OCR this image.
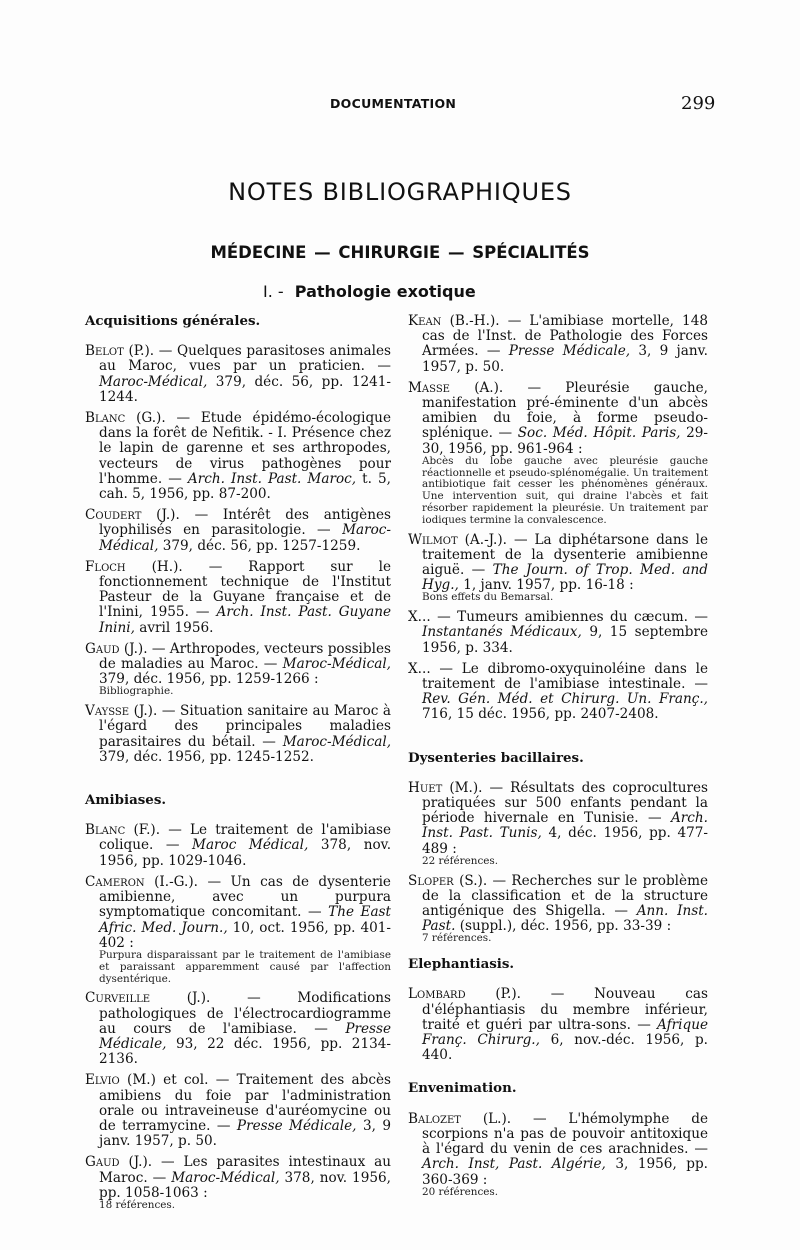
DOCUMENTATION	299
NOTES BIBLIOGRAPHIQUES
MÉDECINE — CHIRURGIE — SPÉCIALITÉS
I. - Pathologie exotique
Acquisitions générales.
Belot (P.). — Quelques parasitoses animales au Maroc, vues par un praticien. — Maroc-Médical, 379, déc. 56, pp. 1241-1244.
Blanc (G.). — Etude épidémo-écologique dans la forêt de Nefitik. - I. Présence chez le lapin de garenne et ses arthropodes, vecteurs de virus pathogènes pour l'homme. — Arch. Inst. Past. Maroc, t. 5, cah. 5, 1956, pp. 87-200.
Coudert (J.). — Intérêt des antigènes lyophilisés en parasitologie. — Maroc-Médical, 379, déc. 56, pp. 1257-1259.
Floch (H.). — Rapport sur le fonctionnement technique de l'Institut Pasteur de la Guyane française et de l'Inini, 1955. — Arch. Inst. Past. Guyane Inini, avril 1956.
Gaud (J.). — Arthropodes, vecteurs possibles de maladies au Maroc. — Maroc-Médical, 379, déc. 1956, pp. 1259-1266 :
Bibliographie.
Vaysse (J.). — Situation sanitaire au Maroc à l'égard des principales maladies parasitaires du bétail. — Maroc-Médical, 379, déc. 1956, pp. 1245-1252.
Amibiases.
Blanc (F.). — Le traitement de l'amibiase colique. — Maroc Médical, 378, nov. 1956, pp. 1029-1046.
Cameron (I.-G.). — Un cas de dysenterie amibienne, avec un purpura symptomatique concomitant. — The East Afric. Med. Journ., 10, oct. 1956, pp. 401-402 :
Purpura disparaissant par le traitement de l'amibiase et paraissant apparemment causé par l'affection dysentérique.
Curveille	(J.).	— Modifications pathologiques de l'électrocardiogramme au cours de l'amibiase. — Presse Médicale, 93, 22 déc. 1956, pp. 2134-2136.
Elvio (M.) et col. — Traitement des abcès amibiens du foie par l'administration orale ou intraveineuse d'auréomycine ou de terramycine. — Presse Médicale, 3, 9 janv. 1957, p. 50.
Gaud (J.). — Les parasites intestinaux au Maroc. — Maroc-Médical, 378, nov. 1956, pp. 1058-1063 :
18 références.
Kean (B.-H.). — L'amibiase mortelle, 148 cas de l'Inst. de Pathologie des Forces Armées. — Presse Médicale, 3, 9 janv. 1957, p. 50.
Masse (A.). — Pleurésie gauche, manifestation pré-éminente d'un abcès amibien du foie, à forme pseudo-splénique. — Soc. Méd. Hôpit. Paris, 29-30, 1956, pp. 961-964 :
Abcès du lobe gauche avec pleurésie gauche réactionnelle et pseudo-splénomégalie. Un traitement antibiotique fait cesser les phénomènes généraux. Une intervention suit, qui draine l'abcès et fait résorber rapidement la pleurésie. Un traitement par iodiques termine la convalescence.
Wilmot (A.-J.). — La diphétarsone dans le traitement de la dysenterie amibienne aiguë. — The Journ. of Trop. Med. and Hyg., 1, janv. 1957, pp. 16-18 :
Bons effets du Bemarsal.
X... — Tumeurs amibiennes du cæcum. — Instantanés Médicaux, 9, 15 septembre 1956, p. 334.
X... — Le dibromo-oxyquinoléine dans le traitement de l'amibiase intestinale. — Rev. Gén. Méd. et Chirurg. Un. Franç., 716, 15 déc. 1956, pp. 2407-2408.
Dysenteries bacillaires.
Huet (M.). — Résultats des coprocultures pratiquées sur 500 enfants pendant la période hivernale en Tunisie. — Arch. Inst. Past. Tunis, 4, déc. 1956, pp. 477-489 :
22 références.
Sloper (S.). — Recherches sur le problème de la classification et de la structure antigénique des Shigella. — Ann. Inst. Past. (suppl.), déc. 1956, pp. 33-39 :
7 références.
Elephantiasis.
Lombard (P.). — Nouveau cas d'éléphantiasis du membre inférieur, traité et guéri par ultra-sons. — Afrique Franç. Chirurg., 6, nov.-déc. 1956, p. 440.
Envenimation.
Balozet (L.). — L'hémolymphe de scorpions n'a pas de pouvoir antitoxique à l'égard du venin de ces arachnides. — Arch. Inst, Past. Algérie, 3, 1956, pp. 360-369 :
20 références.
